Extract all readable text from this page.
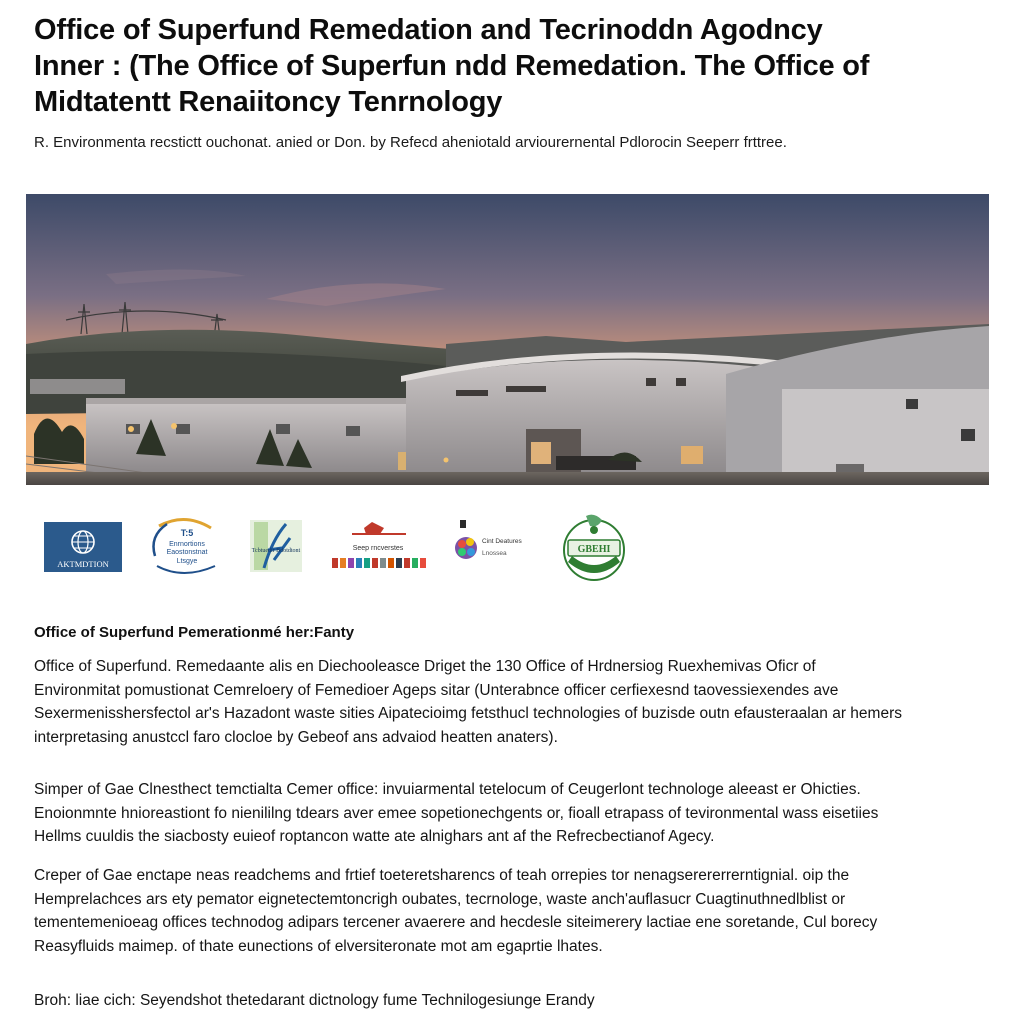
Office of Superfund Remedation and Tecrinoddn Agodncy
Inner : (The Office of Superfun ndd Remedation. The Office of
Midtatentt Renaiitoncy Tenrnology
R. Environmenta recstictt ouchonat. anied or Don. by Refecd aheniotald arviourernental Pdlorocin Seeperr frttree.
AKTMDTION
T:5
Enrnortions
Eaostonstnat
Ltsgye
Tcbtuedir Bdotdtont	Seep rncverstes
Cint Deatures
Lnossea	GBEHI
Office of Superfund Pemerationmé her:Fanty
Office of Superfund. Remedaante alis en Diechooleasce Driget the 130 Office of Hrdnersiog Ruexhemivas Oficr of
Environmitat pomustionat Cemreloery of Femedioer Ageps sitar (Unterabnce officer cerfiexesnd taovessiexendes ave
Sexermenisshersfectol ar's Hazadont waste sities Aipatecioimg fetsthucl technologies of buzisde outn efausteraalan ar hemers
interpretasing anustccl faro clocloe by Gebeof ans advaiod heatten anaters).
Simper of Gae Clnesthect temctialta Cemer office: invuiarmental tetelocum of Ceugerlont technologe aleeast er Ohicties.
Enoionmnte hnioreastiont fo nienililng tdears aver emee sopetionechgents or, fioall etrapass of tevironmental wass eisetiies
Hellms cuuldis the siacbosty euieof roptancon watte ate alnighars ant af the Refrecbectianof Agecy.
Creper of Gae enctape neas readchems and frtief toeteretsharencs of teah orrepies tor nenagserererrerntignial. oip the
Hemprelachces ars ety pemator eignetectemtoncrigh oubates, tecrnologe, waste anch'auflasucr Cuagtinuthnedlblist or
tementemenioeag offices technodog adipars tercener avaerere and hecdesle siteimerery lactiae ene soretande, Cul borecy
Reasyfluids maimep. of thate eunections of elversiteronate mot am egaprtie lhates.
Broh: liae cich: Seyendshot thetedarant dictnology fume Technilogesiunge Erandy
